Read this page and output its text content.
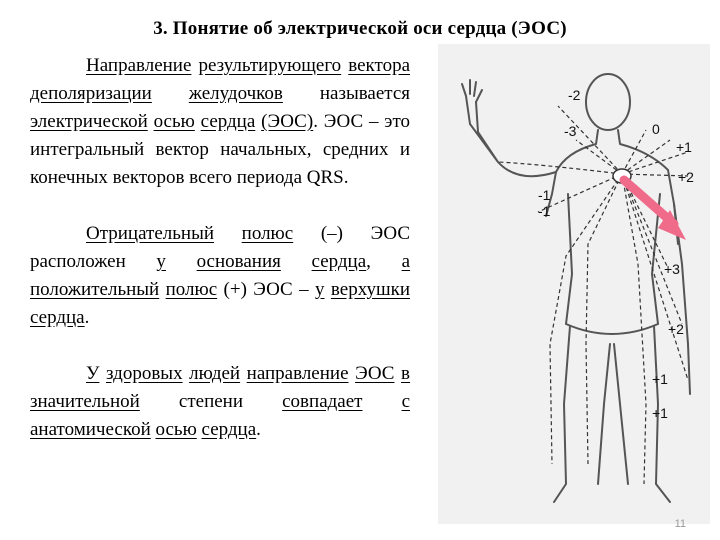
3. Понятие об электрической оси сердца (ЭОС)

Направление результирующего вектора деполяризации желудочков называется электрической осью сердца (ЭОС). ЭОС – это интегральный вектор начальных, средних и конечных векторов всего периода QRS.

Отрицательный полюс (–) ЭОС расположен у основания сердца, а положительный полюс (+) ЭОС – у верхушки сердца.

У здоровых людей направление ЭОС в значительной степени совпадает с анатомической осью сердца.

-2
-3
-1
0
+1
+2
-1
+3
+2
+1
+1
11
